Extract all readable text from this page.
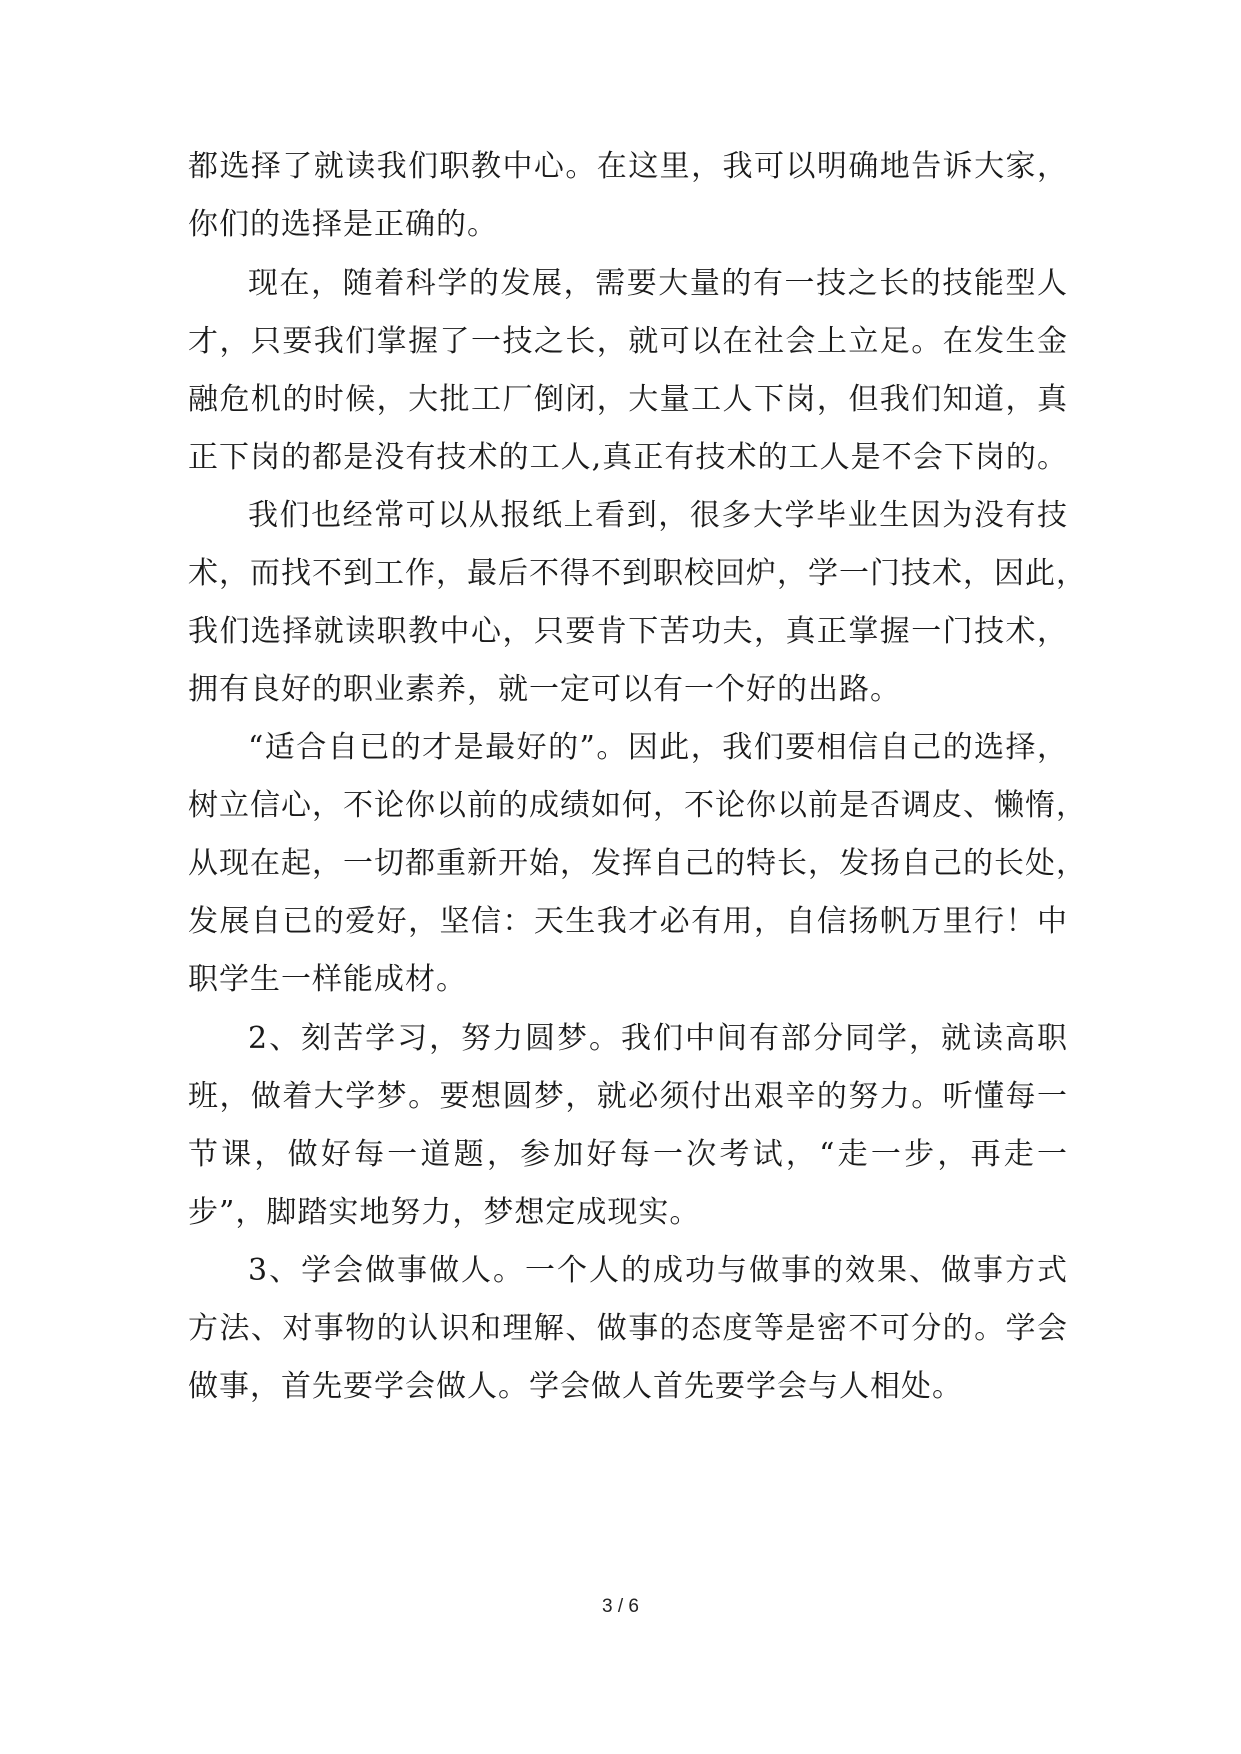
都选择了就读我们职教中心。在这里，我可以明确地告诉大家，
你们的选择是正确的。
现在，随着科学的发展，需要大量的有一技之长的技能型人
才，只要我们掌握了一技之长，就可以在社会上立足。在发生金
融危机的时候，大批工厂倒闭，大量工人下岗，但我们知道，真
正下岗的都是没有技术的工人,真正有技术的工人是不会下岗的。
我们也经常可以从报纸上看到，很多大学毕业生因为没有技
术，而找不到工作，最后不得不到职校回炉，学一门技术，因此，
我们选择就读职教中心，只要肯下苦功夫，真正掌握一门技术，
拥有良好的职业素养，就一定可以有一个好的出路。
“适合自已的才是最好的”。因此，我们要相信自己的选择，
树立信心，不论你以前的成绩如何，不论你以前是否调皮、懒惰，
从现在起，一切都重新开始，发挥自己的特长，发扬自己的长处，
发展自已的爱好，坚信：天生我才必有用，自信扬帆万里行！中
职学生一样能成材。
2、刻苦学习，努力圆梦。我们中间有部分同学，就读高职
班，做着大学梦。要想圆梦，就必须付出艰辛的努力。听懂每一
节课，做好每一道题，参加好每一次考试，“走一步，再走一
步”，脚踏实地努力，梦想定成现实。
3、学会做事做人。一个人的成功与做事的效果、做事方式
方法、对事物的认识和理解、做事的态度等是密不可分的。学会
做事，首先要学会做人。学会做人首先要学会与人相处。
3 / 6
